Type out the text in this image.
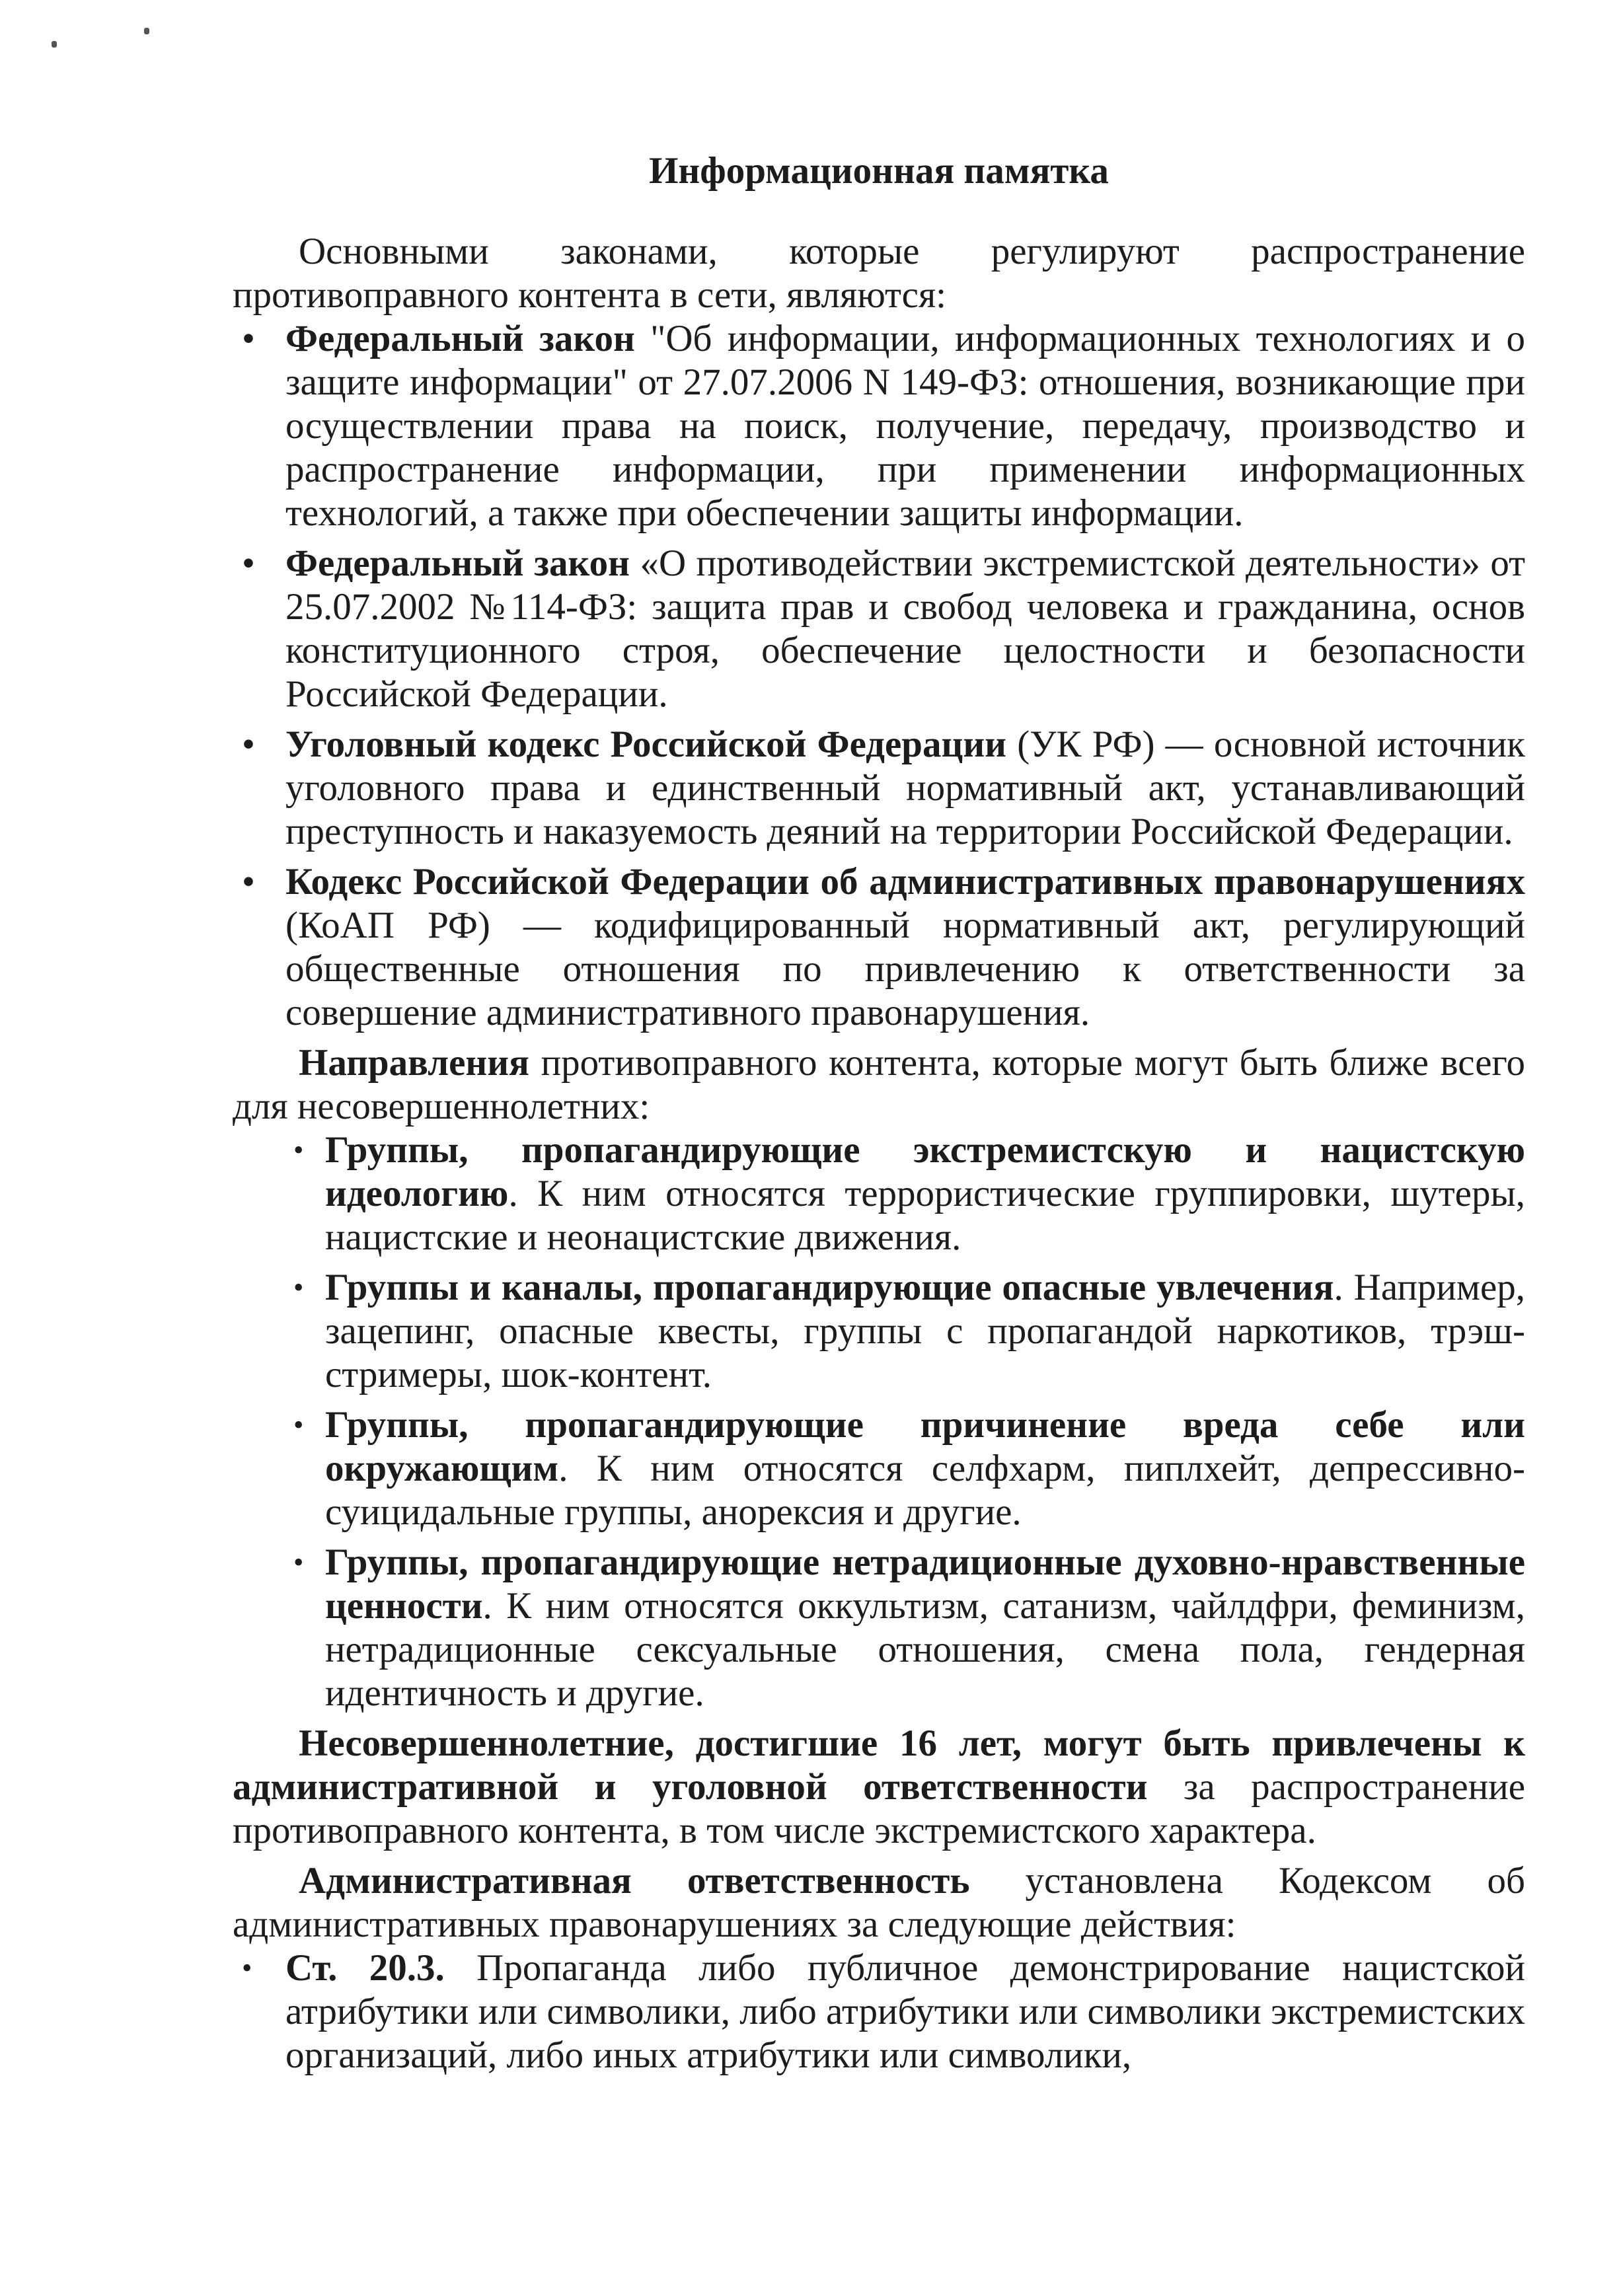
Информационная памятка

Основными законами, которые регулируют распространение противоправного контента в сети, являются:

• Федеральный закон "Об информации, информационных технологиях и о защите информации" от 27.07.2006 N 149-ФЗ: отношения, возникающие при осуществлении права на поиск, получение, передачу, производство и распространение информации, при применении информационных технологий, а также при обеспечении защиты информации.
• Федеральный закон «О противодействии экстремистской деятельности» от 25.07.2002 №114-ФЗ: защита прав и свобод человека и гражданина, основ конституционного строя, обеспечение целостности и безопасности Российской Федерации.
• Уголовный кодекс Российской Федерации (УК РФ) — основной источник уголовного права и единственный нормативный акт, устанавливающий преступность и наказуемость деяний на территории Российской Федерации.
• Кодекс Российской Федерации об административных правонарушениях (КоАП РФ) — кодифицированный нормативный акт, регулирующий общественные отношения по привлечению к ответственности за совершение административного правонарушения.

Направления противоправного контента, которые могут быть ближе всего для несовершеннолетних:

• Группы, пропагандирующие экстремистскую и нацистскую идеологию. К ним относятся террористические группировки, шутеры, нацистские и неонацистские движения.
• Группы и каналы, пропагандирующие опасные увлечения. Например, зацепинг, опасные квесты, группы с пропагандой наркотиков, трэш-стримеры, шок-контент.
• Группы, пропагандирующие причинение вреда себе или окружающим. К ним относятся селфхарм, пиплхейт, депрессивно-суицидальные группы, анорексия и другие.
• Группы, пропагандирующие нетрадиционные духовно-нравственные ценности. К ним относятся оккультизм, сатанизм, чайлдфри, феминизм, нетрадиционные сексуальные отношения, смена пола, гендерная идентичность и другие.

Несовершеннолетние, достигшие 16 лет, могут быть привлечены к административной и уголовной ответственности за распространение противоправного контента, в том числе экстремистского характера.

Административная ответственность установлена Кодексом об административных правонарушениях за следующие действия:

• Ст. 20.3. Пропаганда либо публичное демонстрирование нацистской атрибутики или символики, либо атрибутики или символики экстремистских организаций, либо иных атрибутики или символики,
